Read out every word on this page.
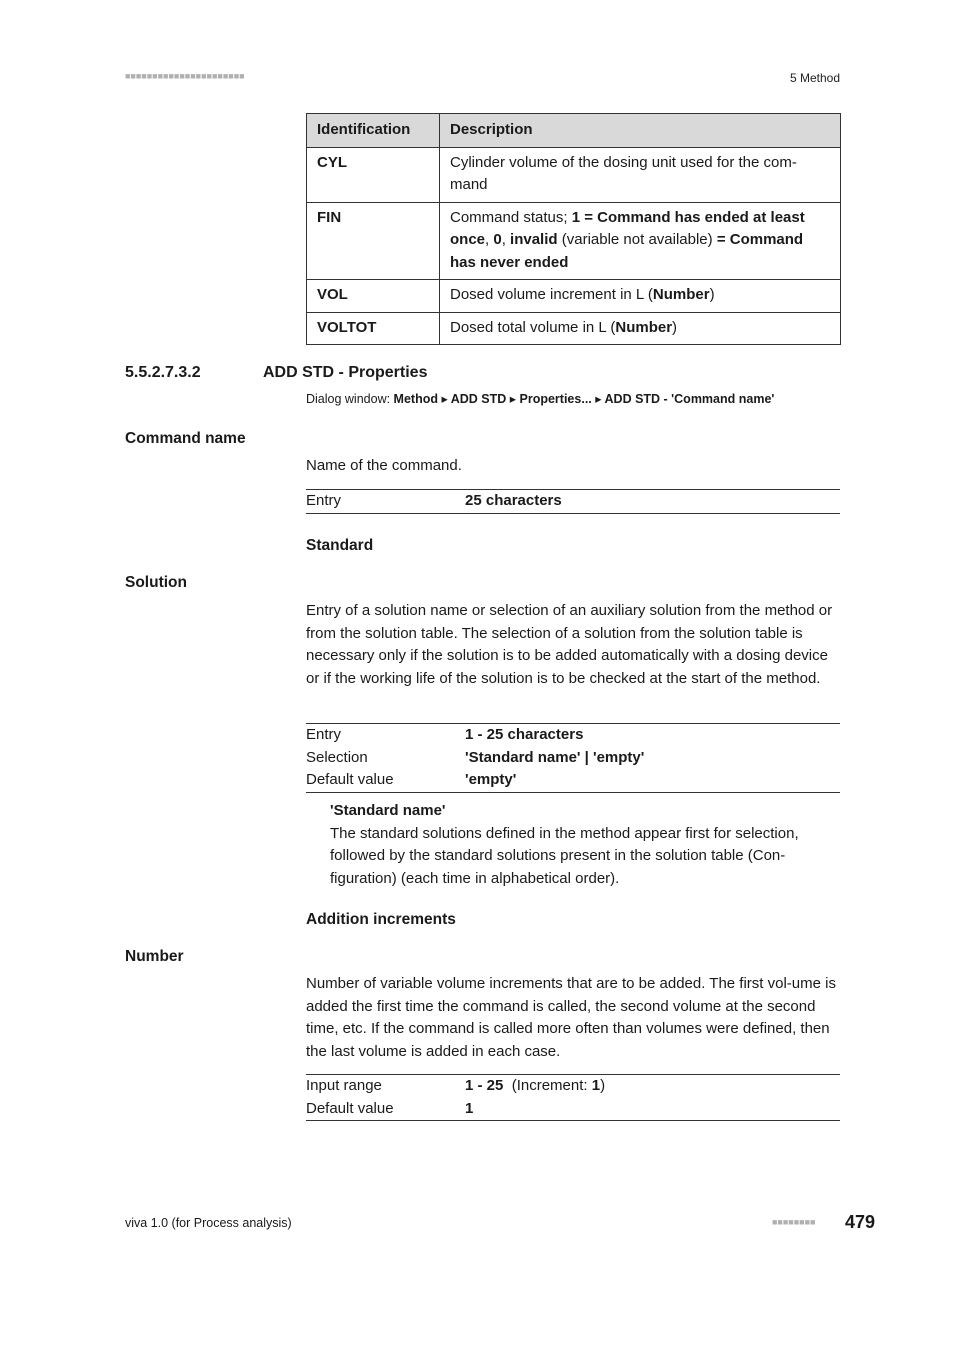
■■■■■■■■■■■■■■■■■■■■■■	5 Method
Identification	Description
CYL	Cylinder volume of the dosing unit used for the com-mand
FIN	Command status; 1 = Command has ended at least once, 0, invalid (variable not available) = Command has never ended
VOL	Dosed volume increment in L (Number)
VOLTOT	Dosed total volume in L (Number)
5.5.2.7.3.2	ADD STD - Properties
Dialog window: Method ▸ ADD STD ▸ Properties... ▸ ADD STD - 'Command name'
Command name
Name of the command.
Entry	25 characters
Standard
Solution
Entry of a solution name or selection of an auxiliary solution from the method or from the solution table. The selection of a solution from the solution table is necessary only if the solution is to be added automatically with a dosing device or if the working life of the solution is to be checked at the start of the method.
Entry	1 - 25 characters
Selection	'Standard name' | 'empty'
Default value	'empty'
'Standard name'
The standard solutions defined in the method appear first for selection, followed by the standard solutions present in the solution table (Con-figuration) (each time in alphabetical order).
Addition increments
Number
Number of variable volume increments that are to be added. The first vol-ume is added the first time the command is called, the second volume at the second time, etc. If the command is called more often than volumes were defined, then the last volume is added in each case.
Input range	1 - 25 (Increment: 1)
Default value	1
viva 1.0 (for Process analysis)	■■■■■■■■ 479
